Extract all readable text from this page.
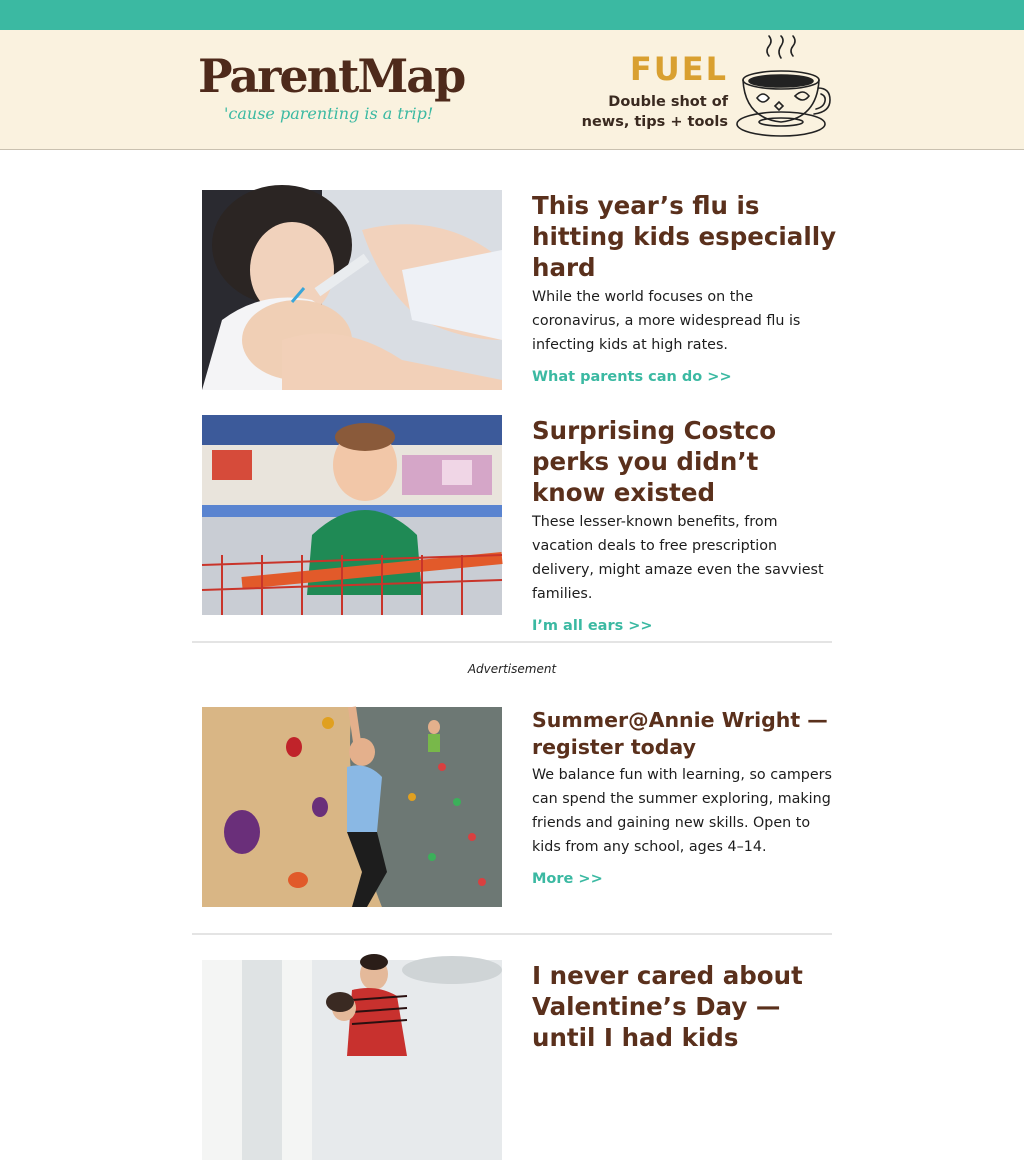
ParentMap
'cause parenting is a trip!
FUEL
Double shot of
news, tips + tools
This year’s flu is hitting kids especially hard
While the world focuses on the coronavirus, a more widespread flu is infecting kids at high rates.
What parents can do >>
Surprising Costco perks you didn’t know existed
These lesser-known benefits, from vacation deals to free prescription delivery, might amaze even the savviest families.
I’m all ears >>
Advertisement
Summer@Annie Wright — register today
We balance fun with learning, so campers can spend the summer exploring, making friends and gaining new skills. Open to kids from any school, ages 4–14.
More >>
I never cared about Valentine’s Day — until I had kids
